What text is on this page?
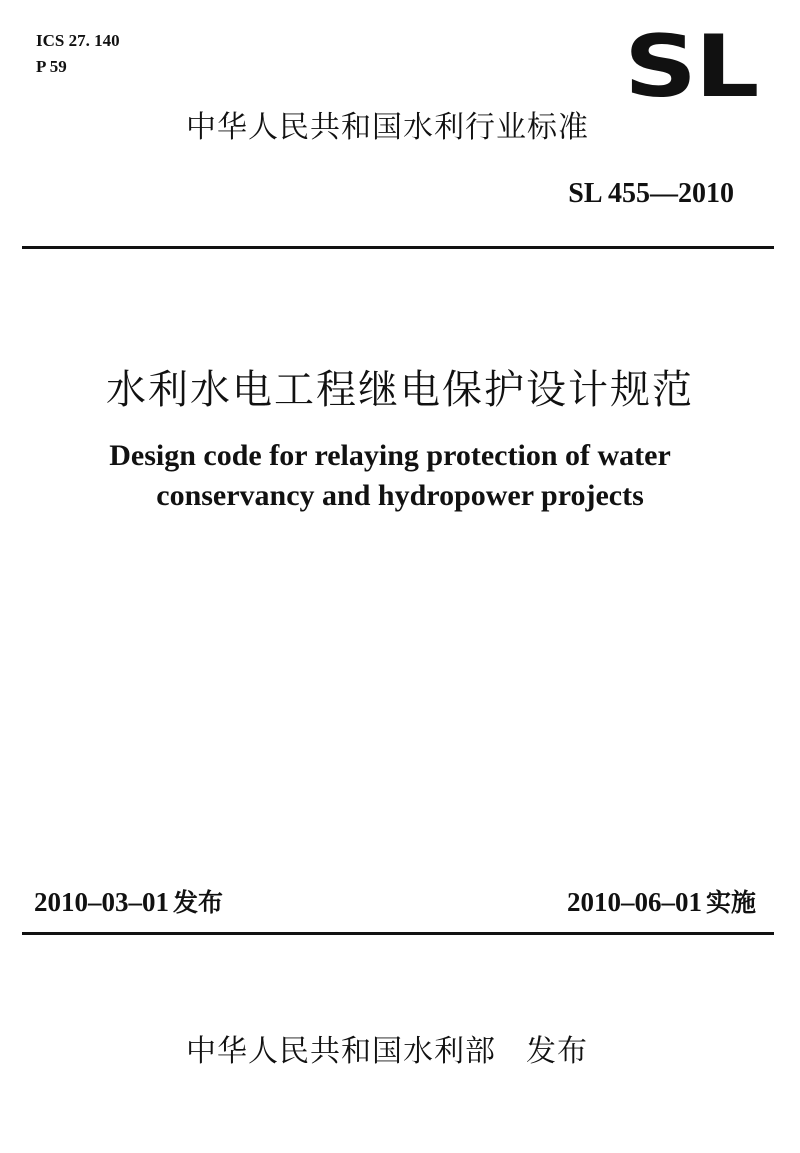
ICS 27. 140
P 59	SL
中华人民共和国水利行业标准
SL 455—2010
水利水电工程继电保护设计规范
Design code for relaying protection of water
conservancy and hydropower projects
2010–03–01 发布	2010–06–01 实施
中华人民共和国水利部 发布
